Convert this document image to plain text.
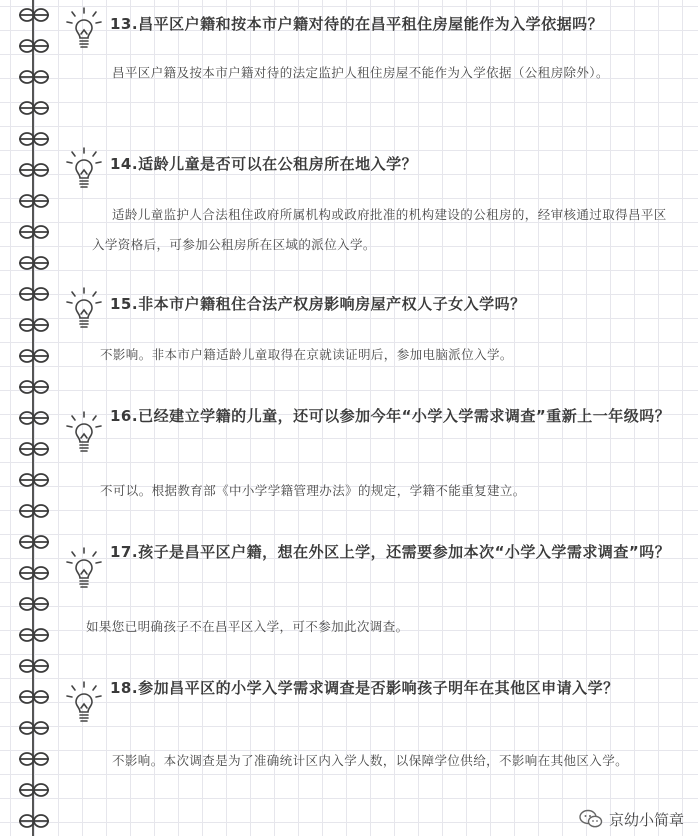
13.昌平区户籍和按本市户籍对待的在昌平租住房屋能作为入学依据吗？
昌平区户籍及按本市户籍对待的法定监护人租住房屋不能作为入学依据（公租房除外）。
14.适龄儿童是否可以在公租房所在地入学？
适龄儿童监护人合法租住政府所属机构或政府批准的机构建设的公租房的，经审核通过取得昌平区入学资格后，可参加公租房所在区域的派位入学。
15.非本市户籍租住合法产权房影响房屋产权人子女入学吗？
不影响。非本市户籍适龄儿童取得在京就读证明后，参加电脑派位入学。
16.已经建立学籍的儿童，还可以参加今年“小学入学需求调查”重新上一年级吗？
不可以。根据教育部《中小学学籍管理办法》的规定，学籍不能重复建立。
17.孩子是昌平区户籍，想在外区上学，还需要参加本次“小学入学需求调查”吗？
如果您已明确孩子不在昌平区入学，可不参加此次调查。
18.参加昌平区的小学入学需求调查是否影响孩子明年在其他区申请入学？
不影响。本次调查是为了准确统计区内入学人数，以保障学位供给，不影响在其他区入学。
京幼小简章
